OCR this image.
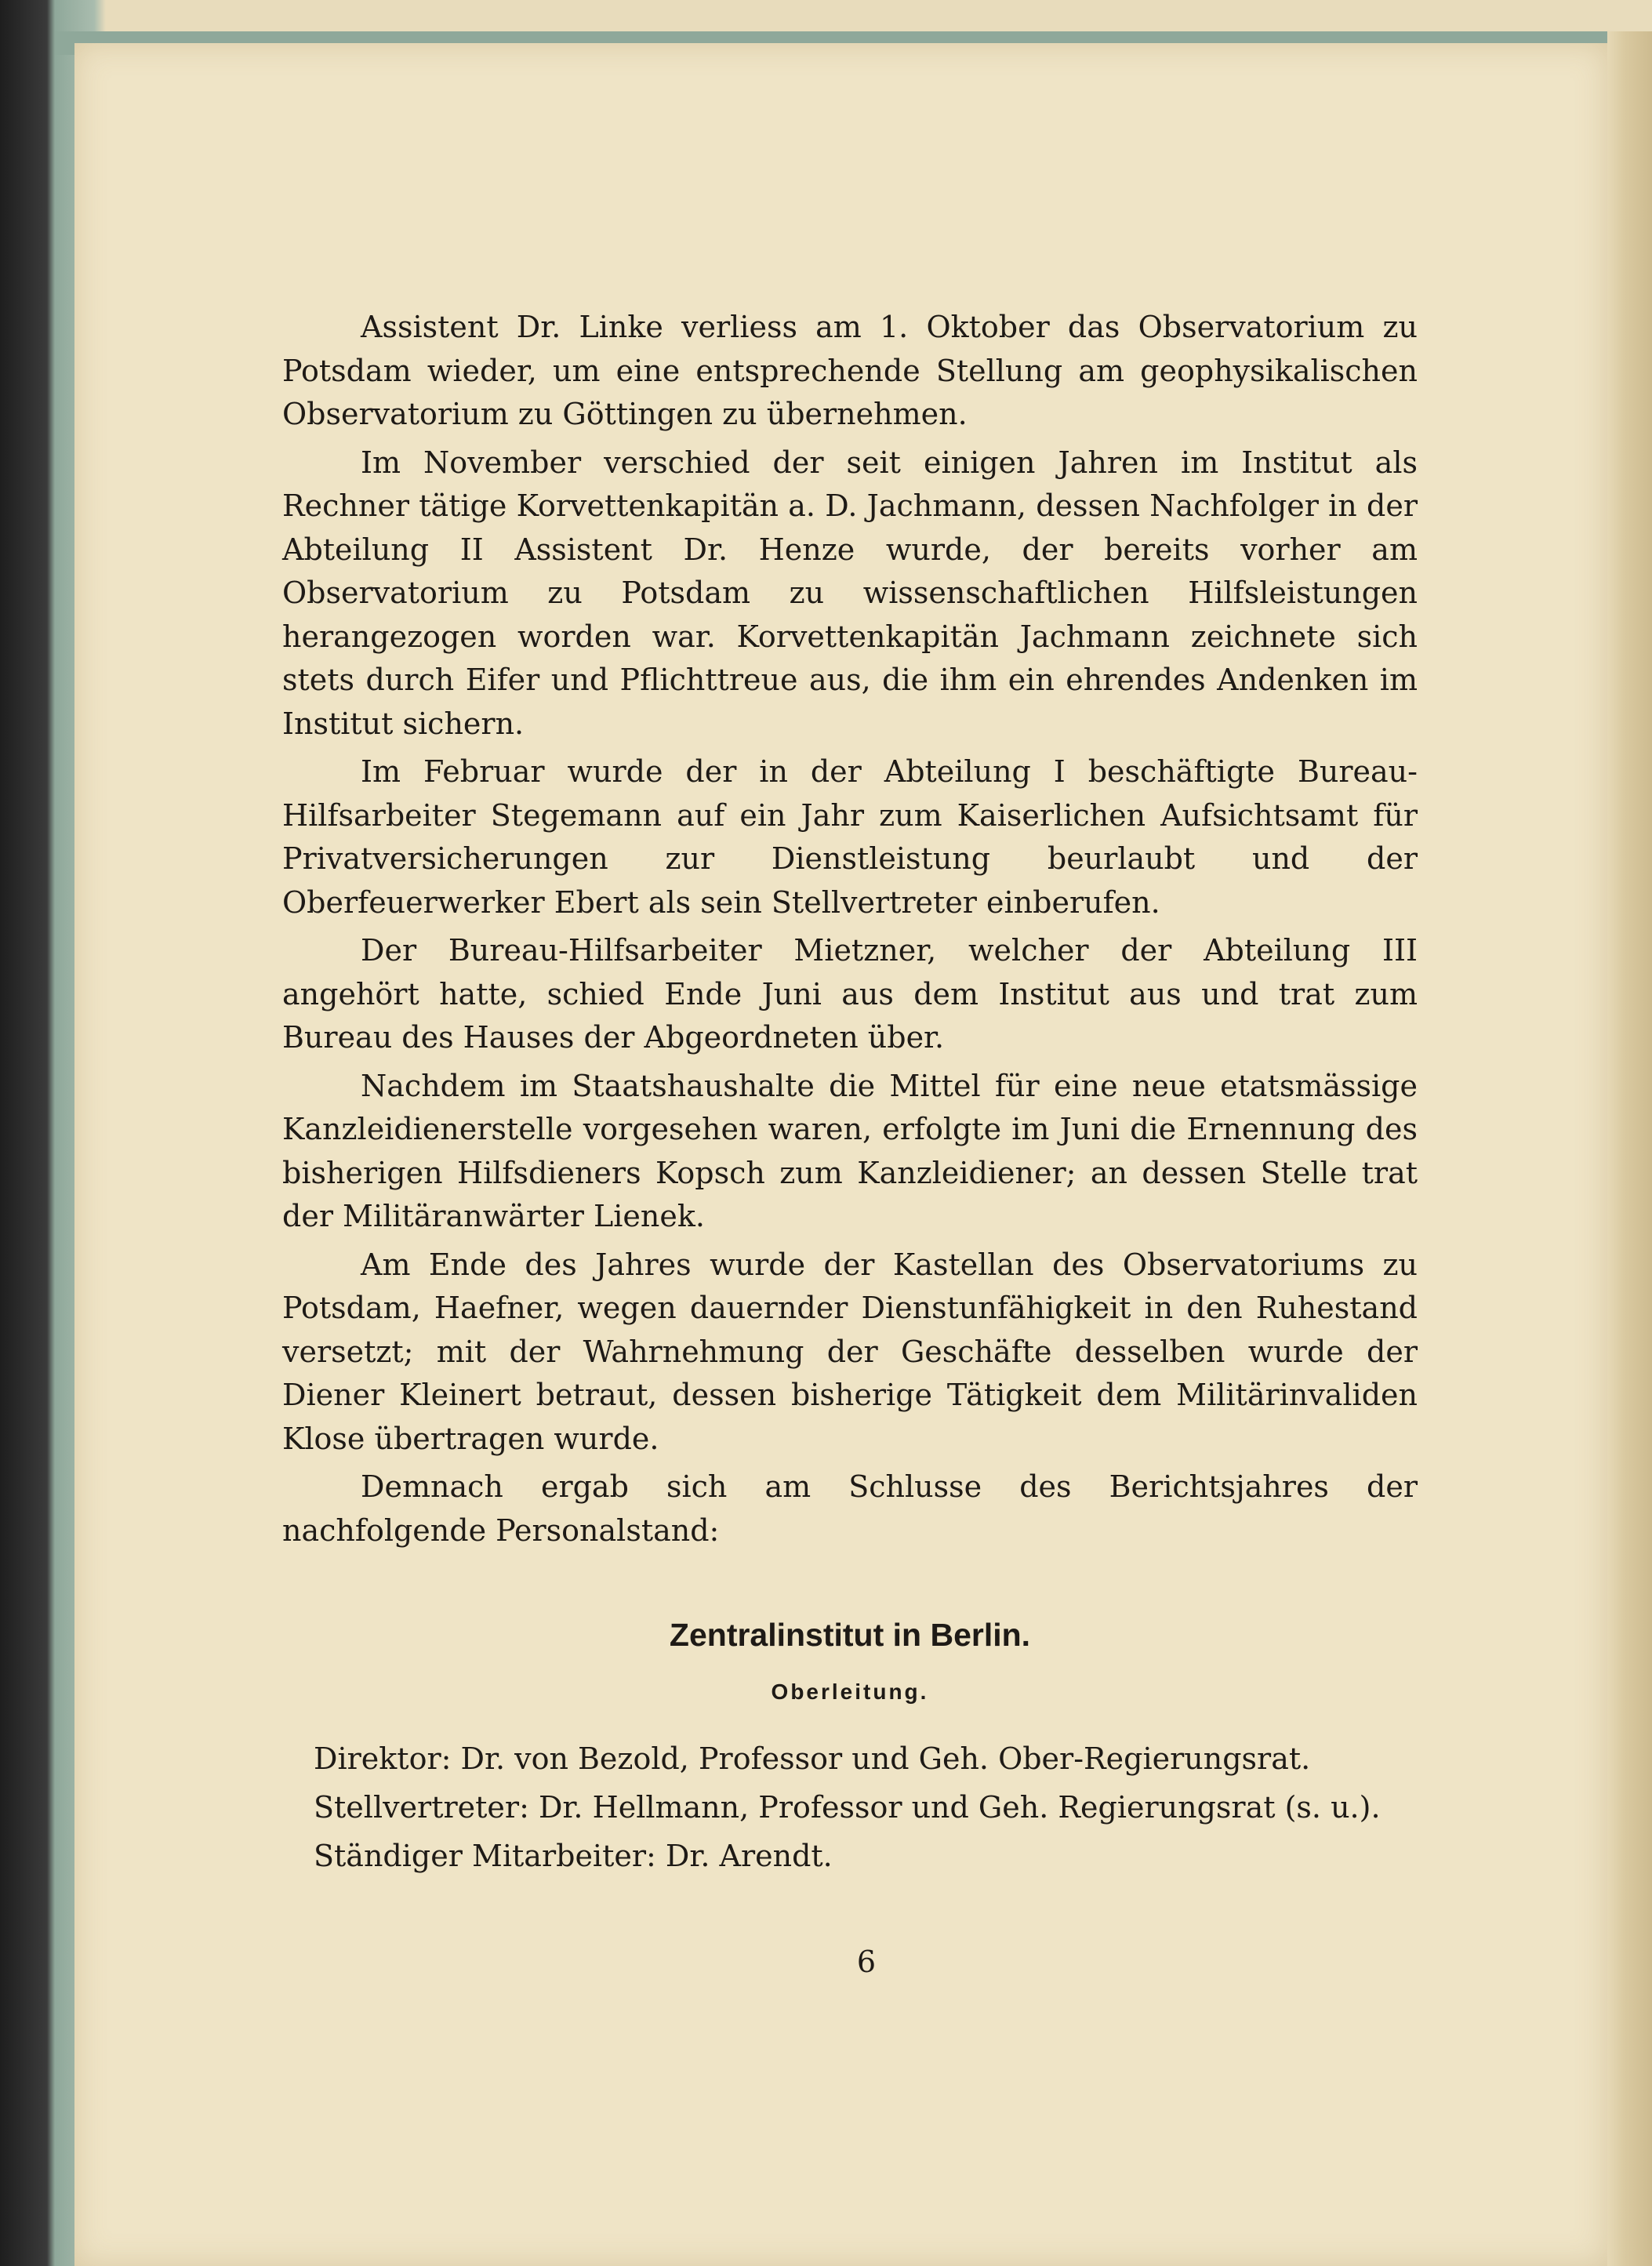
Assistent Dr. Linke verliess am 1. Oktober das Observatorium zu Potsdam wieder, um eine entsprechende Stellung am geophysikalischen Observatorium zu Göttingen zu übernehmen.

Im November verschied der seit einigen Jahren im Institut als Rechner tätige Korvettenkapitän a. D. Jachmann, dessen Nachfolger in der Abteilung II Assistent Dr. Henze wurde, der bereits vorher am Observatorium zu Potsdam zu wissenschaftlichen Hilfsleistungen herangezogen worden war. Korvettenkapitän Jachmann zeichnete sich stets durch Eifer und Pflichttreue aus, die ihm ein ehrendes Andenken im Institut sichern.

Im Februar wurde der in der Abteilung I beschäftigte Bureau-Hilfsarbeiter Stegemann auf ein Jahr zum Kaiserlichen Aufsichtsamt für Privatversicherungen zur Dienstleistung beurlaubt und der Oberfeuerwerker Ebert als sein Stellvertreter einberufen.

Der Bureau-Hilfsarbeiter Mietzner, welcher der Abteilung III angehört hatte, schied Ende Juni aus dem Institut aus und trat zum Bureau des Hauses der Abgeordneten über.

Nachdem im Staatshaushalte die Mittel für eine neue etatsmässige Kanzleidienerstelle vorgesehen waren, erfolgte im Juni die Ernennung des bisherigen Hilfsdieners Kopsch zum Kanzleidiener; an dessen Stelle trat der Militäranwärter Lienek.

Am Ende des Jahres wurde der Kastellan des Observatoriums zu Potsdam, Haefner, wegen dauernder Dienstunfähigkeit in den Ruhestand versetzt; mit der Wahrnehmung der Geschäfte desselben wurde der Diener Kleinert betraut, dessen bisherige Tätigkeit dem Militärinvaliden Klose übertragen wurde.

Demnach ergab sich am Schlusse des Berichtsjahres der nachfolgende Personalstand:

Zentralinstitut in Berlin.
Oberleitung.

Direktor: Dr. von Bezold, Professor und Geh. Ober-Regierungsrat.

Stellvertreter: Dr. Hellmann, Professor und Geh. Regierungsrat (s. u.).

Ständiger Mitarbeiter: Dr. Arendt.

6
